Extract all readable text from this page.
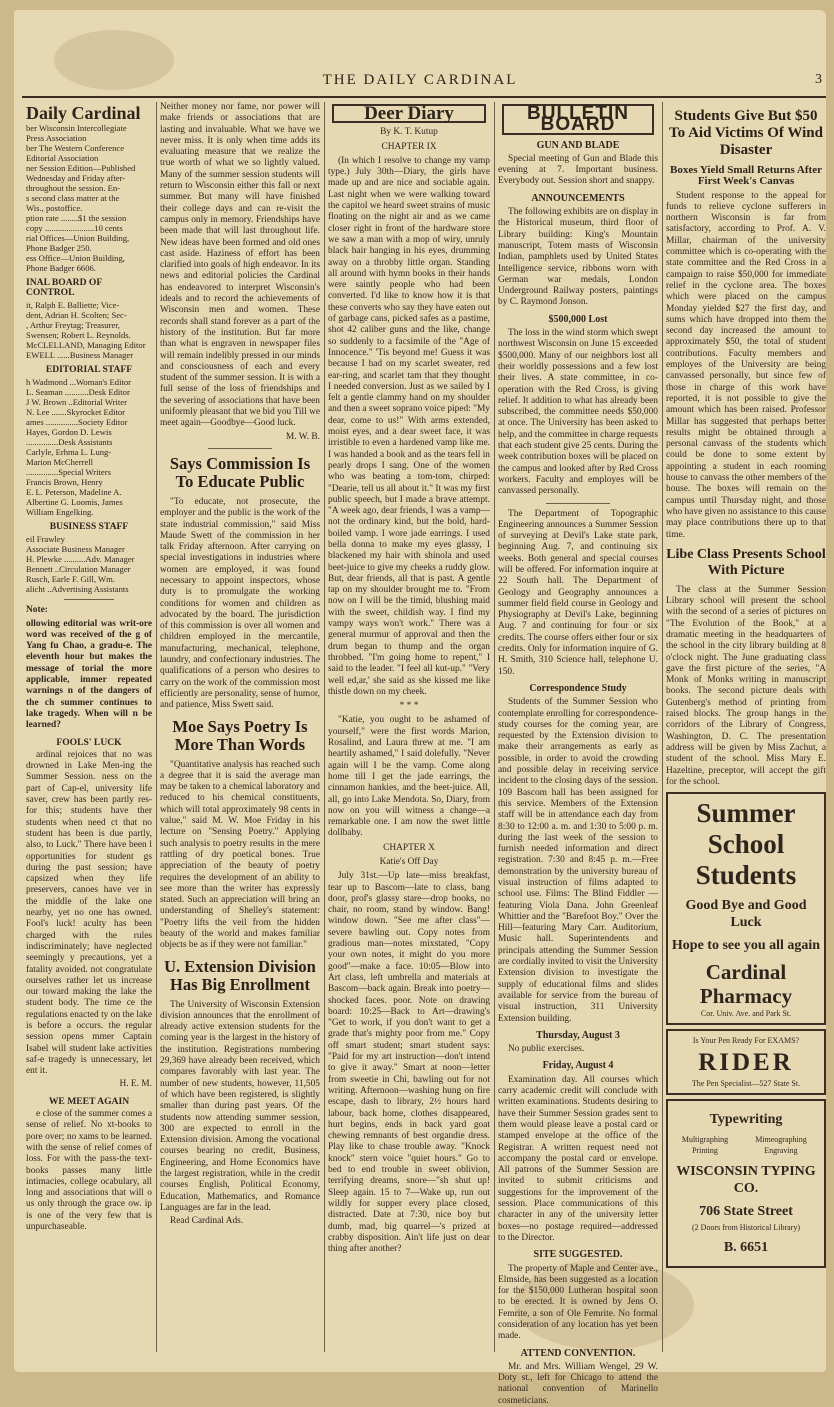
THE DAILY CARDINAL	3
Daily Cardinal

ber Wisconsin Intercollegiate

Press Association

ber The Western Conference

Editorial Association

ner Session Edition—Published

Wednesday and Friday after-

throughout the session. En-

s second class matter at the

Wis., postoffice.

ption rate ........$1 the session

copy .......................10 cents

rial Offices—Union Building,

Phone Badger 250.

ess Office—Union Building,

Phone Badger 6606.

INAL BOARD OF CONTROL

it, Ralph E. Balliette; Vice-

dent, Adrian H. Scolten; Sec-

, Arthur Freytag; Treasurer,

Swensen; Robert L. Reynolds.

McCLELLAND, Managing Editor

EWELL ......Business Manager

EDITORIAL STAFF

h Wadmond ...Woman's Editor

L. Seaman ...........Desk Editor

J W. Brown ..Editorial Writer

N. Lee .......Skyrocket Editor

ames ...............Society Editor

Hayes, Gordon D. Lewis

...............Desk Assistants

Carlyle, Erhma L. Lung-

Marion McCherrell

...............Special Writers

Francis Brown, Henry

E. L. Peterson, Madeline A.

Albertine G. Loomis, James

William Engelking.

BUSINESS STAFF

eil Frawley

Associate Business Manager

H. Plewke ..........Adv. Manager

Bennett ..Circulation Manager

Rusch, Earle F. Gill, Wm.

alicht ..Advertising Assistants

Note:

ollowing editorial was writ-ore word was received of the g of Yang fu Chao, a gradu-e. The eleventh hour but makes the message of torial the more applicable, immer repeated warnings n of the dangers of the ch summer continues to lake tragedy. When will n be learned?

FOOLS' LUCK

ardinal rejoices that no was drowned in Lake Men-ing the Summer Session. ness on the part of Cap-el, university life saver, crew has been partly res-for this; students have ther students when need ct that no student has been is due partly, also, to Luck." There have been l opportunities for student gs during the past session; have capsized when they life preservers, canoes have ver in the middle of the lake one nearby, yet no one has owned. Fool's luck! aculty has been charged with the rules indiscriminately; have neglected seemingly y precautions, yet a fatality avoided. not congratulate ourselves rather let us increase our toward making the lake the student body. The time ce the regulations enacted ty on the lake is before a occurs. the regular session opens mmer Captain Isabel will student lake activities saf-e tragedy is unnecessary, let ent it.

H. E. M.

WE MEET AGAIN

e close of the summer comes a sense of relief. No xt-books to pore over; no xams to be learned. with the sense of relief comes of loss. For with the pass-the text-books passes many little intimacies, college ocabulary, all long and associations that will o us only through the grace ow. ip is one of the very few that is unpurchaseable.

Neither money nor fame, nor power will make friends or associations that are lasting and invaluable. What we have we never miss. It is only when time adds its evaluating measure that we realize the true worth of what we so lightly valued. Many of the summer session students will return to Wisconsin either this fall or next summer. But many will have finished their college days and can re-visit the campus only in memory. Friendships have been made that will last throughout life. New ideas have been formed and old ones cast aside. Haziness of effort has been clarified into goals of high endeavor. In its news and editorial policies the Cardinal has endeavored to interpret Wisconsin's ideals and to record the achievements of Wisconsin men and women. These records shall stand forever as a part of the history of the institution. But far more than what is engraven in newspaper files will remain indelibly pressed in our minds and consciousness of each and every student of the summer session. It is with a full sense of the loss of friendships and the severing of associations that have been uniformly pleasant that we bid you Till we meet again—Goodbye—Good luck.

M. W. B.

Says Commission Is To Educate Public

"To educate, not prosecute, the employer and the public is the work of the state industrial commission," said Miss Maude Swett of the commission in her talk Friday afternoon. After carrying on special investigations in industries where women are employed, it was found necessary to appoint inspectors, whose duty is to promulgate the working conditions for women and children as advocated by the board. The jurisdiction of this commission is over all women and children employed in the mercantile, manufacturing, mechanical, telephone, laundry, and confectionary industries. The qualifications of a person who desires to carry on the work of the commission most efficiently are personality, sense of humor, and patience, Miss Swett said.

Moe Says Poetry Is More Than Words

"Quantitative analysis has reached such a degree that it is said the average man may be taken to a chemical laboratory and reduced to his chemical constituents, which will total approximately 98 cents in value," said M. W. Moe Friday in his lecture on "Sensing Poetry." Applying such analysis to poetry results in the mere rattling of dry poetical bones. True appreciation of the beauty of poetry requires the development of an ability to see more than the writer has expressly stated. Such an appreciation will bring an understanding of Shelley's statement: "Poetry lifts the veil from the hidden beauty of the world and makes familiar objects be as if they were not familiar."

U. Extension Division Has Big Enrollment

The University of Wisconsin Extension division announces that the enrollment of already active extension students for the coming year is the largest in the history of the institution. Registrations numbering 29,369 have already been received, which compares favorably with last year. The number of new students, however, 11,505 of which have been registered, is slightly smaller than during past years. Of the students now attending summer session, 300 are expected to enroll in the Extension division. Among the vocational courses bearing no credit, Business, Engineering, and Home Economics have the largest registration, while in the credit courses English, Political Economy, Education, Mathematics, and Romance Languages are far in the lead.

Read Cardinal Ads.

Deer Diary
By K. T. Kutup
CHAPTER IX

(In which I resolve to change my vamp type.) July 30th—Diary, the girls have made up and are nice and sociable again. Last night when we were walking toward the capitol we heard sweet strains of music floating on the night air and as we came closer right in front of the hardware store we saw a man with a mop of wiry, unruly black hair hanging in his eyes, drumming away on a throbby little organ. Standing all around with hymn books in their hands were saintly people who had been converted. I'd like to know how it is that these converts who say they have eaten out of garbage cans, picked safes as a pastime, shot 42 caliber guns and the like, change so suddenly to a facsimile of the "Age of Innocence." 'Tis beyond me! Guess it was because I had on my scarlet sweater, red ear-ring, and scarlet tam that they thought I needed conversion. Just as we sailed by I felt a gentle clammy hand on my shoulder and then a sweet soprano voice piped: "My dear, come to us!" With arms extended, moist eyes, and a dear sweet face, it was irristible to even a hardened vamp like me. I was handed a book and as the tears fell in pearly drops I sang. One of the women who was beating a tom-tom, chirped: "Dearie, tell us all about it." It was my first public speech, but I made a brave attempt. "A week ago, dear friends, I was a vamp—not the ordinary kind, but the bold, hard-boiled vamp. I wore jade earrings. I used bella donna to make my eyes glassy, I blackened my hair with shinola and used beet-juice to give my cheeks a ruddy glow. But, dear friends, all that is past. A gentle tap on my shoulder brought me to. "From now on I will be the timid, blushing maid with the sweet, childish way. I find my vampy ways won't work." There was a general murmur of approval and then the drum began to thump and the organ throbbed. "I'm going home to repent," I said to the leader. "I feel all kut-up." "Very well ed,ar,' she said as she kissed me like thistle down on my cheek.

* * *

"Katie, you ought to be ashamed of yourself," were the first words Marion, Rosalind, and Laura threw at me. "I am heartily ashamed," I said dolefully. "Never again will I be the vamp. Come along home till I get the jade earrings, the cinnamon hankies, and the beet-juice. All, all, go into Lake Mendota. So, Diary, from now on you will witness a change—a remarkable one. I am now the swet little dollbaby.

CHAPTER X
Katie's Off Day

July 31st.—Up late—miss breakfast, tear up to Bascom—late to class, bang door, prof's glassy stare—drop books, no chair, no room, stand by window. Bang! window down. "See me after class"—severe bawling out. Copy notes from gradious man—notes mixstated, "Copy your own notes, it might do you more good"—make a face. 10:05—Blow into Art class, left umbrella and materials at Bascom—back again. Break into poetry—shocked faces. poor. Note on drawing board: 10:25—Back to Art—drawing's "Get to work, if you don't want to get a grade that's mighty poor from me." Copy off smart student; smart student says: "Paid for my art instruction—don't intend to give it away." Smart at noon—letter from sweetie in Chi, bawling out for not writing. Afternoon—washing hung on fire escape, dash to library, 2½ hours hard labour, back home, clothes disappeared, hurt begins, ends in back yard goat chewing remnants of best organdie dress. Play like to chase trouble away. "Knock knock" stern voice "quiet hours." Go to bed to end trouble in sweet oblivion, terrifying dreams, snore—"sh shut up! Sleep again. 15 to 7—Wake up, run out wildly for supper every place closed, distracted. Date at 7:30, nice boy but dumb, mad, big quarrel—'s prized at crabby disposition. Ain't life just on dear thing after another?

BULLETIN BOARD
GUN AND BLADE

Special meeting of Gun and Blade this evening at 7. Important business. Everybody out. Session short and snappy.

ANNOUNCEMENTS

The following exhibits are on display in the Historical museum, third floor of Library building: King's Mountain manuscript, Totem masts of Wisconsin Indian, pamphlets used by United States Intelligence service, ribbons worn with German war medals, London Underground Railway posters, paintings by C. Raymond Jonson.

$500,000 Lost

The loss in the wind storm which swept northwest Wisconsin on June 15 exceeded $500,000. Many of our neighbors lost all their worldly possessions and a few lost their lives. A state committee, in co-operation with the Red Cross, is giving relief. It addition to what has already been subscribed, the committee needs $50,000 at once. The University has been asked to help, and the committee in charge requests that each student give 25 cents. During the week contribution boxes will be placed on the campus and looked after by Red Cross workers. Faculty and employes will be canvassed personally.

The Department of Topographic Engineering announces a Summer Session of surveying at Devil's Lake state park, beginning Aug. 7, and continuing six weeks. Both general and special courses will be offered. For information inquire at 22 South hall. The Department of Geology and Geography announces a summer field field course in Geology and Physiography at Devil's Lake, beginning Aug. 7 and continuing for four or six credits. The course offers either four or six credits. Only for information inquire of G. H. Smith, 310 Science hall, telephone U. 150.

Correspondence Study

Students of the Summer Session who contemplate enrolling for correspondence-study courses for the coming year, are requested by the Extension division to make their arrangements as early as possible, in order to avoid the crowding and possible delay in receiving service incident to the closing days of the session. 109 Bascom hall has been assigned for this service. Members of the Extension staff will be in attendance each day from 8:30 to 12:00 a. m. and 1:30 to 5:00 p. m. during the last week of the session to furnish needed information and direct registration. 7:30 and 8:45 p. m.—Free demonstration by the university bureau of visual instruction of films adapted to school use. Films: The Blind Fiddler — featuring Viola Dana. John Greenleaf Whittier and the "Barefoot Boy." Over the Hill—featuring Mary Carr. Auditorium, Music hall. Superintendents and principals attending the Summer Session are cordially invited to visit the University Extension division to investigate the supply of educational films and slides available for service from the bureau of visual instruction, 311 University Extension building.

Thursday, August 3

No public exercises.

Friday, August 4

Examination day. All courses which carry academic credit will conclude with written examinations. Students desiring to have their Summer Session grades sent to them would please leave a postal card or stamped envelope at the office of the Registrar. A written request need not accompany the postal card or envelope. All patrons of the Summer Session are invited to submit criticisms and suggestions for the improvement of the session. Place communications of this character in any of the university letter boxes—no postage required—addressed to the Director.

SITE SUGGESTED.

The property of Maple and Center ave., Elmside, has been suggested as a location for the $150,000 Lutheran hospital soon to be erected. It is owned by Jens O. Femrite, a son of Ole Femrite. No formal consideration of any location has yet been made.

ATTEND CONVENTION.

Mr. and Mrs. William Wengel, 29 W. Doty st., left for Chicago to attend the national convention of Marinello cosmeticians.

Students Give But $50 To Aid Victims Of Wind Disaster
Boxes Yield Small Returns After First Week's Canvas

Student response to the appeal for funds to relieve cyclone sufferers in northern Wisconsin is far from satisfactory, according to Prof. A. V. Millar, chairman of the university committee which is co-operating with the state committee and the Red Cross in a campaign to raise $50,000 for immediate relief in the cyclone area. The boxes which were placed on the campus Monday yielded $27 the first day, and sums which have dropped into them the second day increased the amount to approximately $50, the total of student contributions. Faculty members and employes of the University are being canvassed personally, but since few of those in charge of this work have reported, it is not possible to give the amount which has been raised. Professor Millar has suggested that perhaps better results might be obtained through a personal canvass of the students which could be done to some extent by appointing a student in each rooming house to canvass the other members of the house. The boxes will remain on the campus until Thursday night, and those who have given no assistance to this cause may place contributions there up to that time.

Libe Class Presents School With Picture

The class at the Summer Session Library school will present the school with the second of a series of pictures on "The Evolution of the Book," at a dramatic meeting in the headquarters of the school in the city library building at 8 o'clock night. The June graduating class gave the first picture of the series, "A Monk of Monks writing in manuscript books. The second picture deals with Gutenberg's method of printing from raised blocks. The group hangs in the corridors of the Library of Congress, Washington, D. C. The presentation address will be given by Miss Zachut, a student of the school. Miss Mary E. Hazeltine, preceptor, will accept the gift for the school.

Summer School Students
Good Bye and Good Luck
Hope to see you all again
Cardinal Pharmacy
Cor. Univ. Ave. and Park St.
Is Your Pen Ready For EXAMS?
RIDER
The Pen Specialist—527 State St.
Typewriting
Multigraphing Printing
Mimeographing Engraving
WISCONSIN TYPING CO.
706 State Street
(2 Doors from Historical Library)
B. 6651
